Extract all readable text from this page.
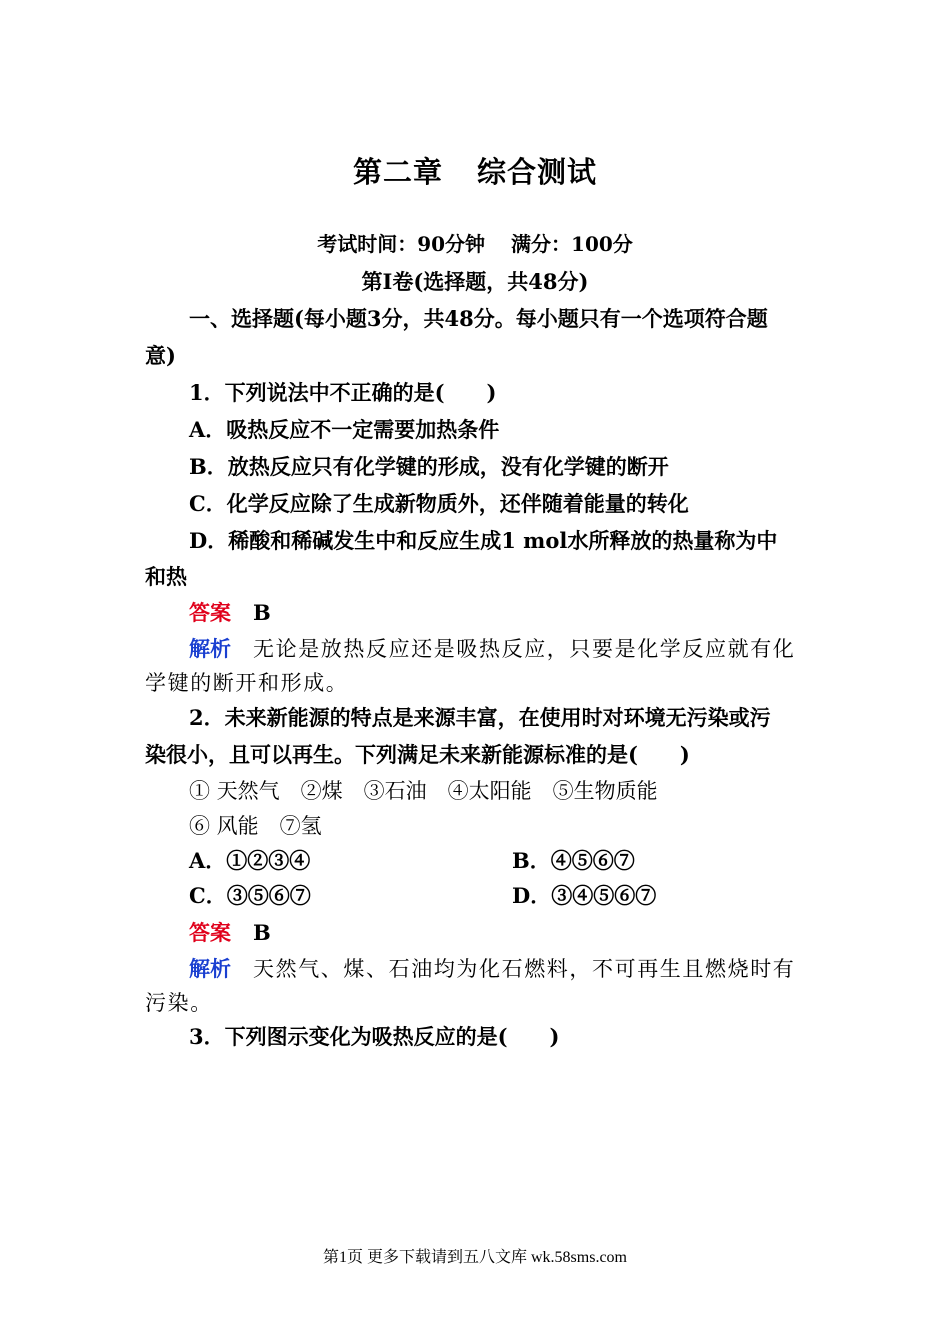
第二章 综合测试
考试时间：90分钟 满分：100分
第Ⅰ卷(选择题，共48分)
一、选择题(每小题3分，共48分。每小题只有一个选项符合题
意)
1．下列说法中不正确的是(　　)
A．吸热反应不一定需要加热条件
B．放热反应只有化学键的形成，没有化学键的断开
C．化学反应除了生成新物质外，还伴随着能量的转化
D．稀酸和稀碱发生中和反应生成1 mol水所释放的热量称为中
和热
答案 B
解析 无论是放热反应还是吸热反应，只要是化学反应就有化
学键的断开和形成。
2．未来新能源的特点是来源丰富，在使用时对环境无污染或污
染很小，且可以再生。下列满足未来新能源标准的是(　　)
① 天然气　②煤　③石油　④太阳能　⑤生物质能
⑥ 风能　⑦氢
A．①②③④	B．④⑤⑥⑦
C．③⑤⑥⑦	D．③④⑤⑥⑦
答案 B
解析 天然气、煤、石油均为化石燃料，不可再生且燃烧时有
污染。
3．下列图示变化为吸热反应的是(　　)
第1页 更多下载请到五八文库 wk.58sms.com
